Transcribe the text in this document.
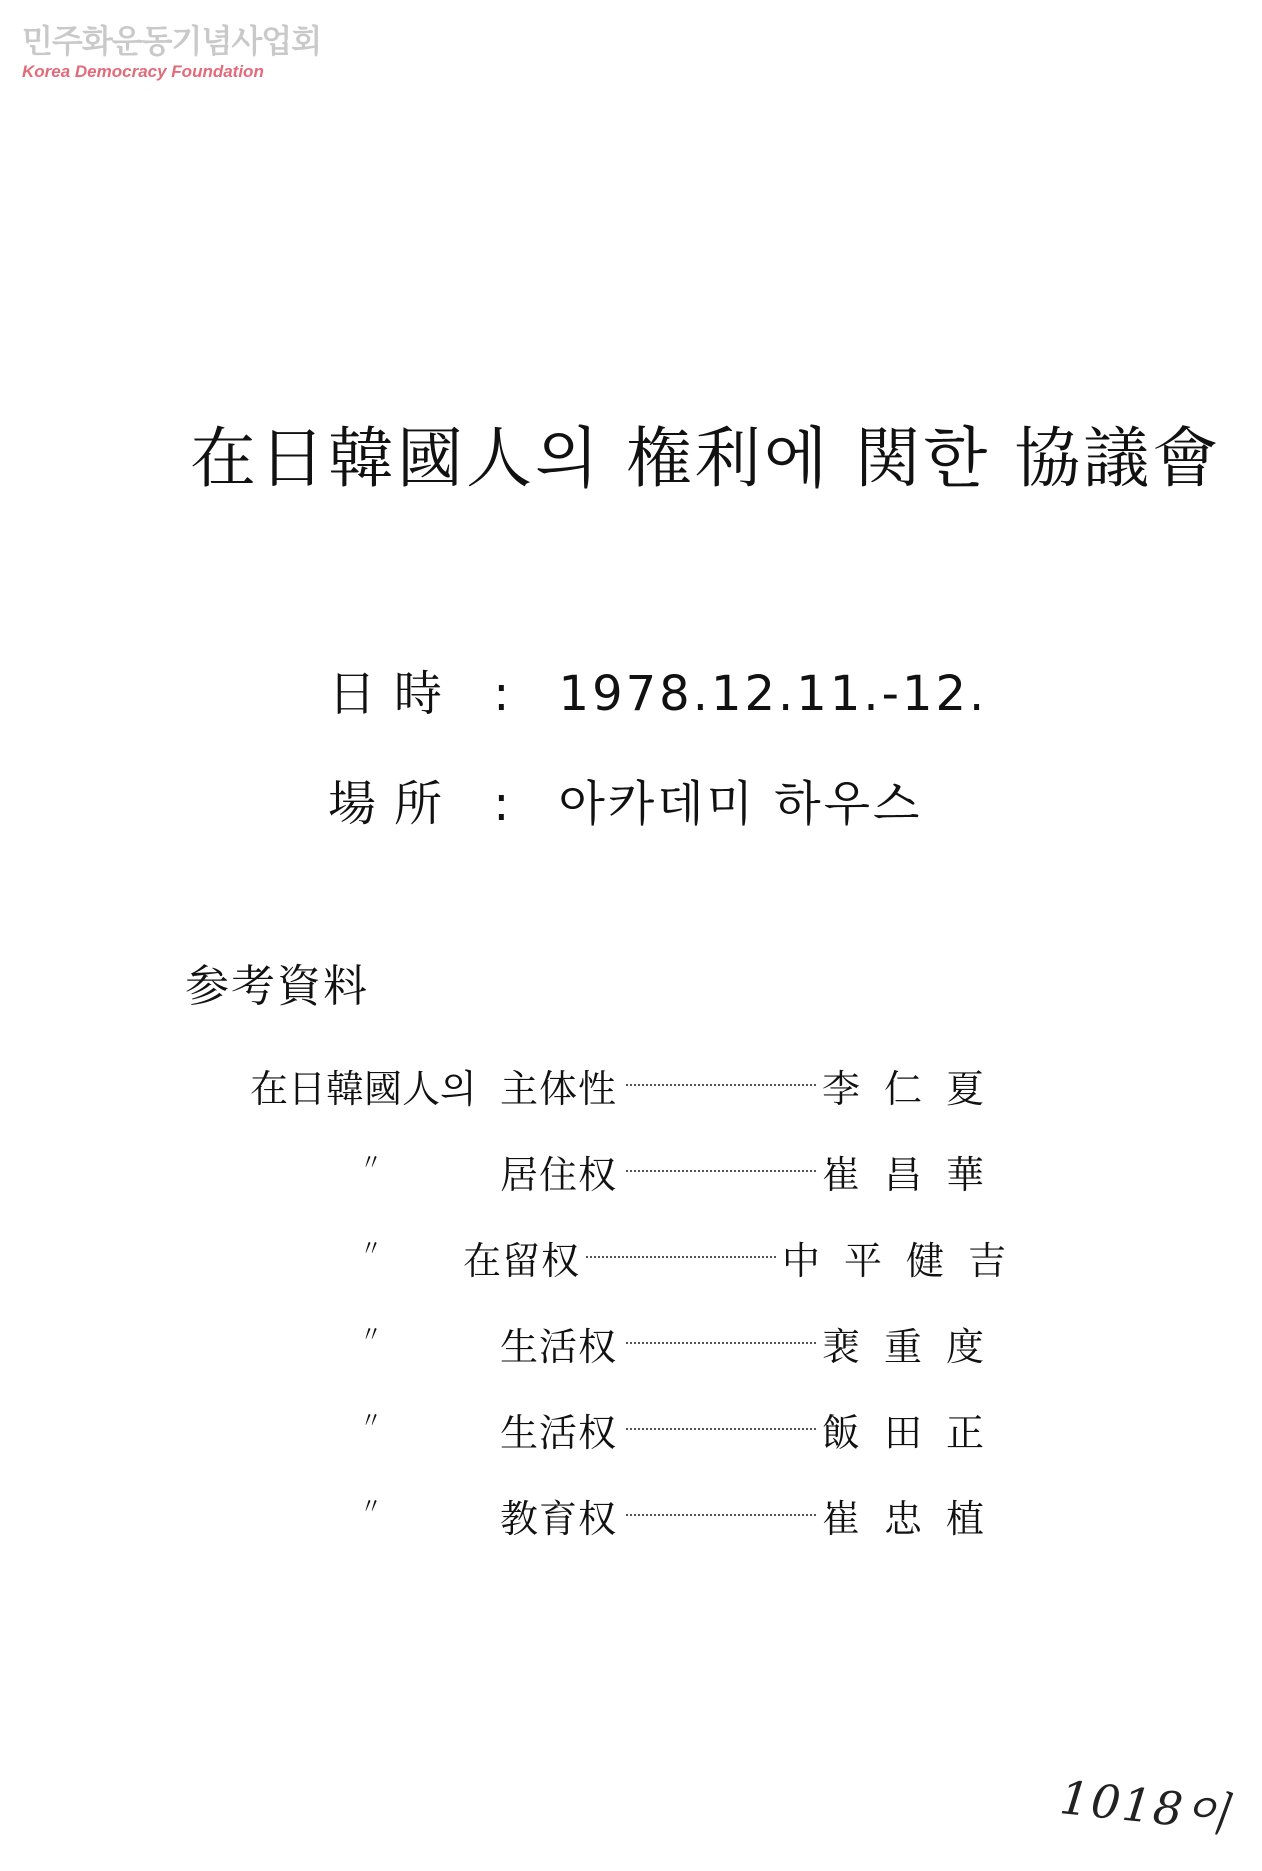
민주화운동기념사업회
Korea Democracy Foundation
在日韓國人의 権利에 関한 協議會
日時 : 1978.12.11.-12.
場所 : 아카데미 하우스
参考資料
在日韓國人의 主体性	李仁夏
〃	居住权	崔昌華
〃	在留权	中平健吉
〃	生活权	裵重度
〃	生活权	飯田正
〃	教育权	崔忠植
1018이
